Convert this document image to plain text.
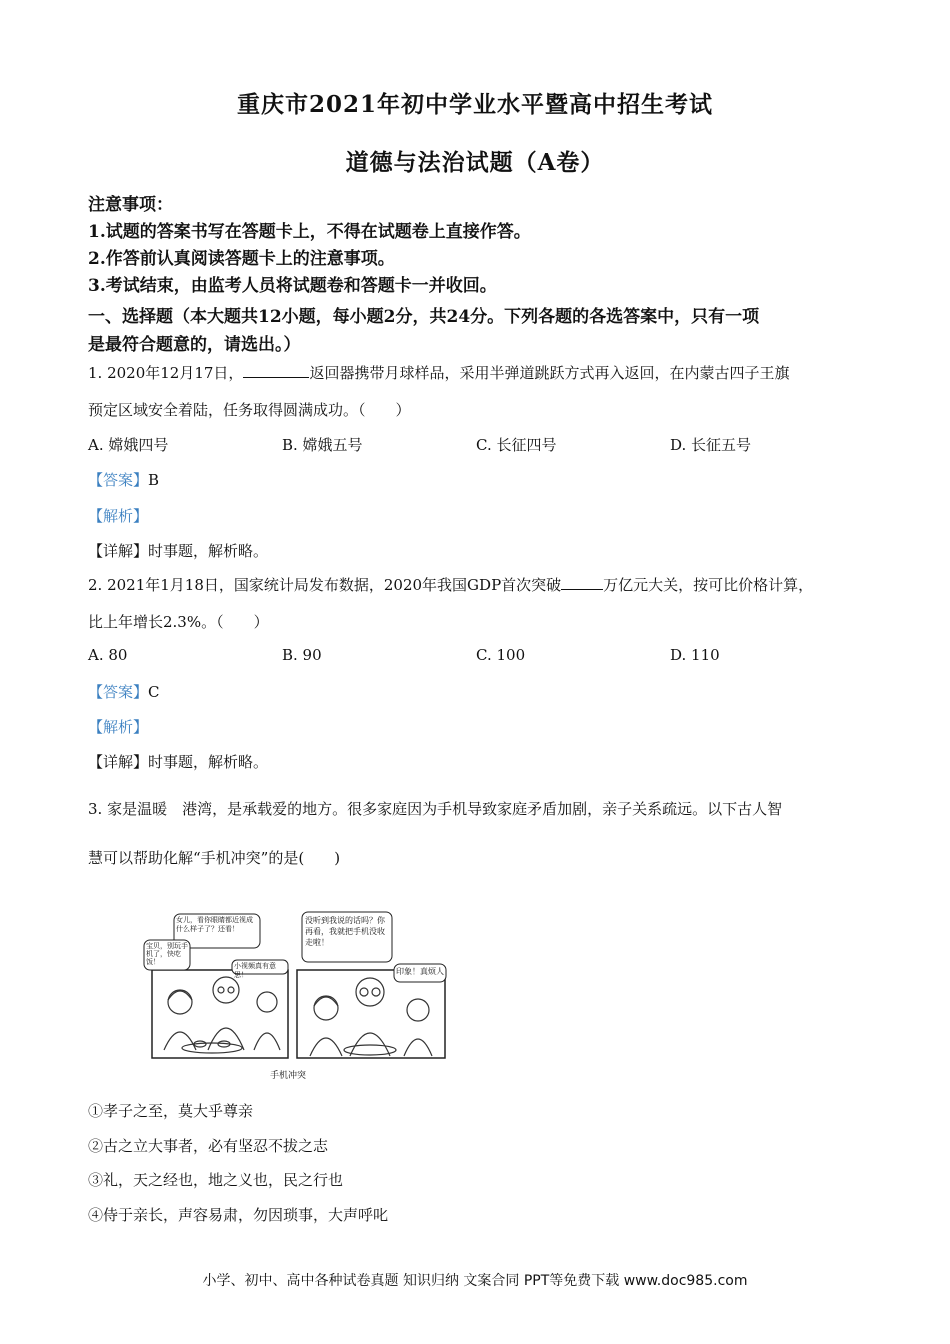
重庆市2021年初中学业水平暨高中招生考试
道德与法治试题（A卷）
注意事项：
1.试题的答案书写在答题卡上，不得在试题卷上直接作答。
2.作答前认真阅读答题卡上的注意事项。
3.考试结束，由监考人员将试题卷和答题卡一并收回。
一、选择题（本大题共12小题，每小题2分，共24分。下列各题的各选答案中，只有一项
是最符合题意的，请选出。）
1. 2020年12月17日，	返回器携带月球样品，采用半弹道跳跃方式再入返回，在内蒙古四子王旗
预定区域安全着陆，任务取得圆满成功。（　　）
A. 嫦娥四号	B. 嫦娥五号	C. 长征四号	D. 长征五号
【答案】B
【解析】
【详解】时事题，解析略。
2. 2021年1月18日，国家统计局发布数据，2020年我国GDP首次突破	万亿元大关，按可比价格计算，
比上年增长2.3%。（　　）
A. 80	B. 90	C. 100	D. 110
【答案】C
【解析】
【详解】时事题，解析略。
3. 家是温暖　港湾，是承载爱的地方。很多家庭因为手机导致家庭矛盾加剧，亲子关系疏远。以下古人智
慧可以帮助化解“手机冲突”的是(　　)
女儿，看你眼睛都近视成什么样子了？还看！
宝贝，别玩手机了，快吃饭！	小视频真有意思！
没听到我说的话吗？你再看，我就把手机没收走啦！
印象！真烦人
手机冲突
①孝子之至，莫大乎尊亲
②古之立大事者，必有坚忍不拔之志
③礼，天之经也，地之义也，民之行也
④侍于亲长，声容易肃，勿因琐事，大声呼叱
小学、初中、高中各种试卷真题 知识归纳 文案合同 PPT等免费下载 www.doc985.com
